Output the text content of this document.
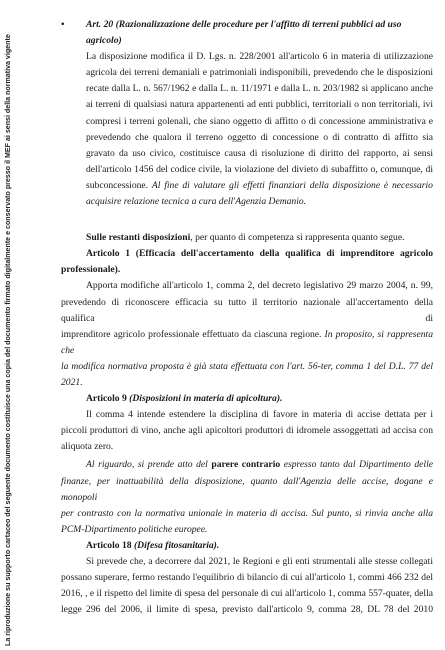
La riproduzione su supporto cartaceo del seguente documento costituisce una copia del documento firmato digitalmente e conservato presso il MEF ai sensi della normativa vigente
• Art. 20 (Razionalizzazione delle procedure per l'affitto di terreni pubblici ad uso
agricolo)
La disposizione modifica il D. Lgs. n. 228/2001 all'articolo 6 in materia di utilizzazione
agricola dei terreni demaniali e patrimoniali indisponibili, prevedendo che le disposizioni
recate dalla L. n. 567/1962 e dalla L. n. 11/1971 e dalla L. n. 203/1982 si applicano anche
ai terreni di qualsiasi natura appartenenti ad enti pubblici, territoriali o non territoriali, ivi
compresi i terreni golenali, che siano oggetto di affitto o di concessione amministrativa e
prevedendo che qualora il terreno oggetto di concessione o di contratto di affitto sia
gravato da uso civico, costituisce causa di risoluzione di diritto del rapporto, ai sensi
dell'articolo 1456 del codice civile, la violazione del divieto di subaffitto o, comunque, di
subconcessione. Al fine di valutare gli effetti finanziari della disposizione è necessario
acquisire relazione tecnica a cura dell'Agenzia Demanio.
Sulle restanti disposizioni, per quanto di competenza si rappresenta quanto segue.
Articolo 1 (Efficacia dell'accertamento della qualifica di imprenditore agricolo
professionale).
Apporta modifiche all'articolo 1, comma 2, del decreto legislativo 29 marzo 2004, n. 99,
prevedendo di riconoscere efficacia su tutto il territorio nazionale all'accertamento della qualifica di
imprenditore agricolo professionale effettuato da ciascuna regione. In proposito, si rappresenta che
la modifica normativa proposta è già stata effettuata con l'art. 56-ter, comma 1 del D.L. 77 del
2021.
Articolo 9 (Disposizioni in materia di apicoltura).
Il comma 4 intende estendere la disciplina di favore in materia di accise dettata per i
piccoli produttori di vino, anche agli apicoltori produttori di idromele assoggettati ad accisa con
aliquota zero.
Al riguardo, si prende atto del parere contrario espresso tanto dal Dipartimento delle
finanze, per inattuabilità della disposizione, quanto dall'Agenzia delle accise, dogane e monopoli
per contrasto con la normativa unionale in materia di accisa. Sul punto, si rinvia anche alla
PCM-Dipartimento politiche europee.
Articolo 18 (Difesa fitosanitaria).
Si prevede che, a decorrere dal 2021, le Regioni e gli enti strumentali alle stesse collegati
possano superare, fermo restando l'equilibrio di bilancio di cui all'articolo 1, commi 466 232 del
2016, , e il rispetto del limite di spesa del personale di cui all'articolo 1, comma 557-quater, della
legge 296 del 2006, il limite di spesa, previsto dall'articolo 9, comma 28, DL 78 del 2010
